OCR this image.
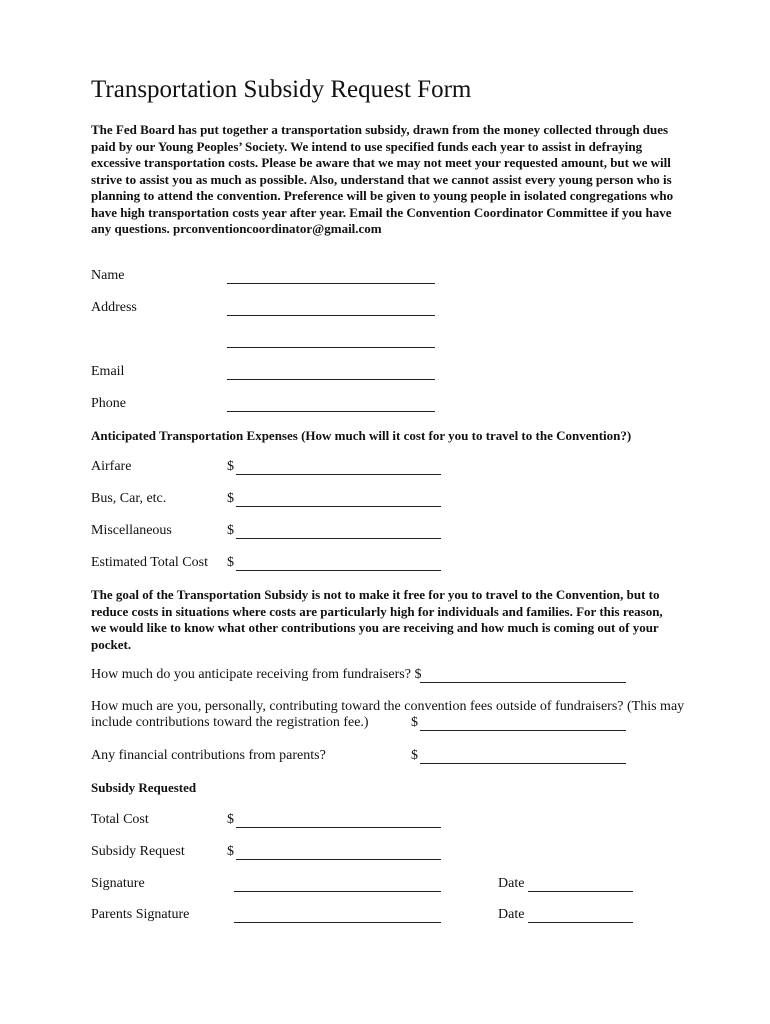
Transportation Subsidy Request Form
The Fed Board has put together a transportation subsidy, drawn from the money collected through dues paid by our Young Peoples’ Society. We intend to use specified funds each year to assist in defraying excessive transportation costs. Please be aware that we may not meet your requested amount, but we will strive to assist you as much as possible. Also, understand that we cannot assist every young person who is planning to attend the convention. Preference will be given to young people in isolated congregations who have high transportation costs year after year. Email the Convention Coordinator Committee if you have any questions. prconventioncoordinator@gmail.com
Name
Address
Email
Phone
Anticipated Transportation Expenses (How much will it cost for you to travel to the Convention?)
Airfare	$
Bus, Car, etc.	$
Miscellaneous	$
Estimated Total Cost $
The goal of the Transportation Subsidy is not to make it free for you to travel to the Convention, but to reduce costs in situations where costs are particularly high for individuals and families. For this reason, we would like to know what other contributions you are receiving and how much is coming out of your pocket.
How much do you anticipate receiving from fundraisers? $
How much are you, personally, contributing toward the convention fees outside of fundraisers? (This may
include contributions toward the registration fee.)	$
Any financial contributions from parents?	$
Subsidy Requested
Total Cost	$
Subsidy Request	$
Signature	Date
Parents Signature	Date
